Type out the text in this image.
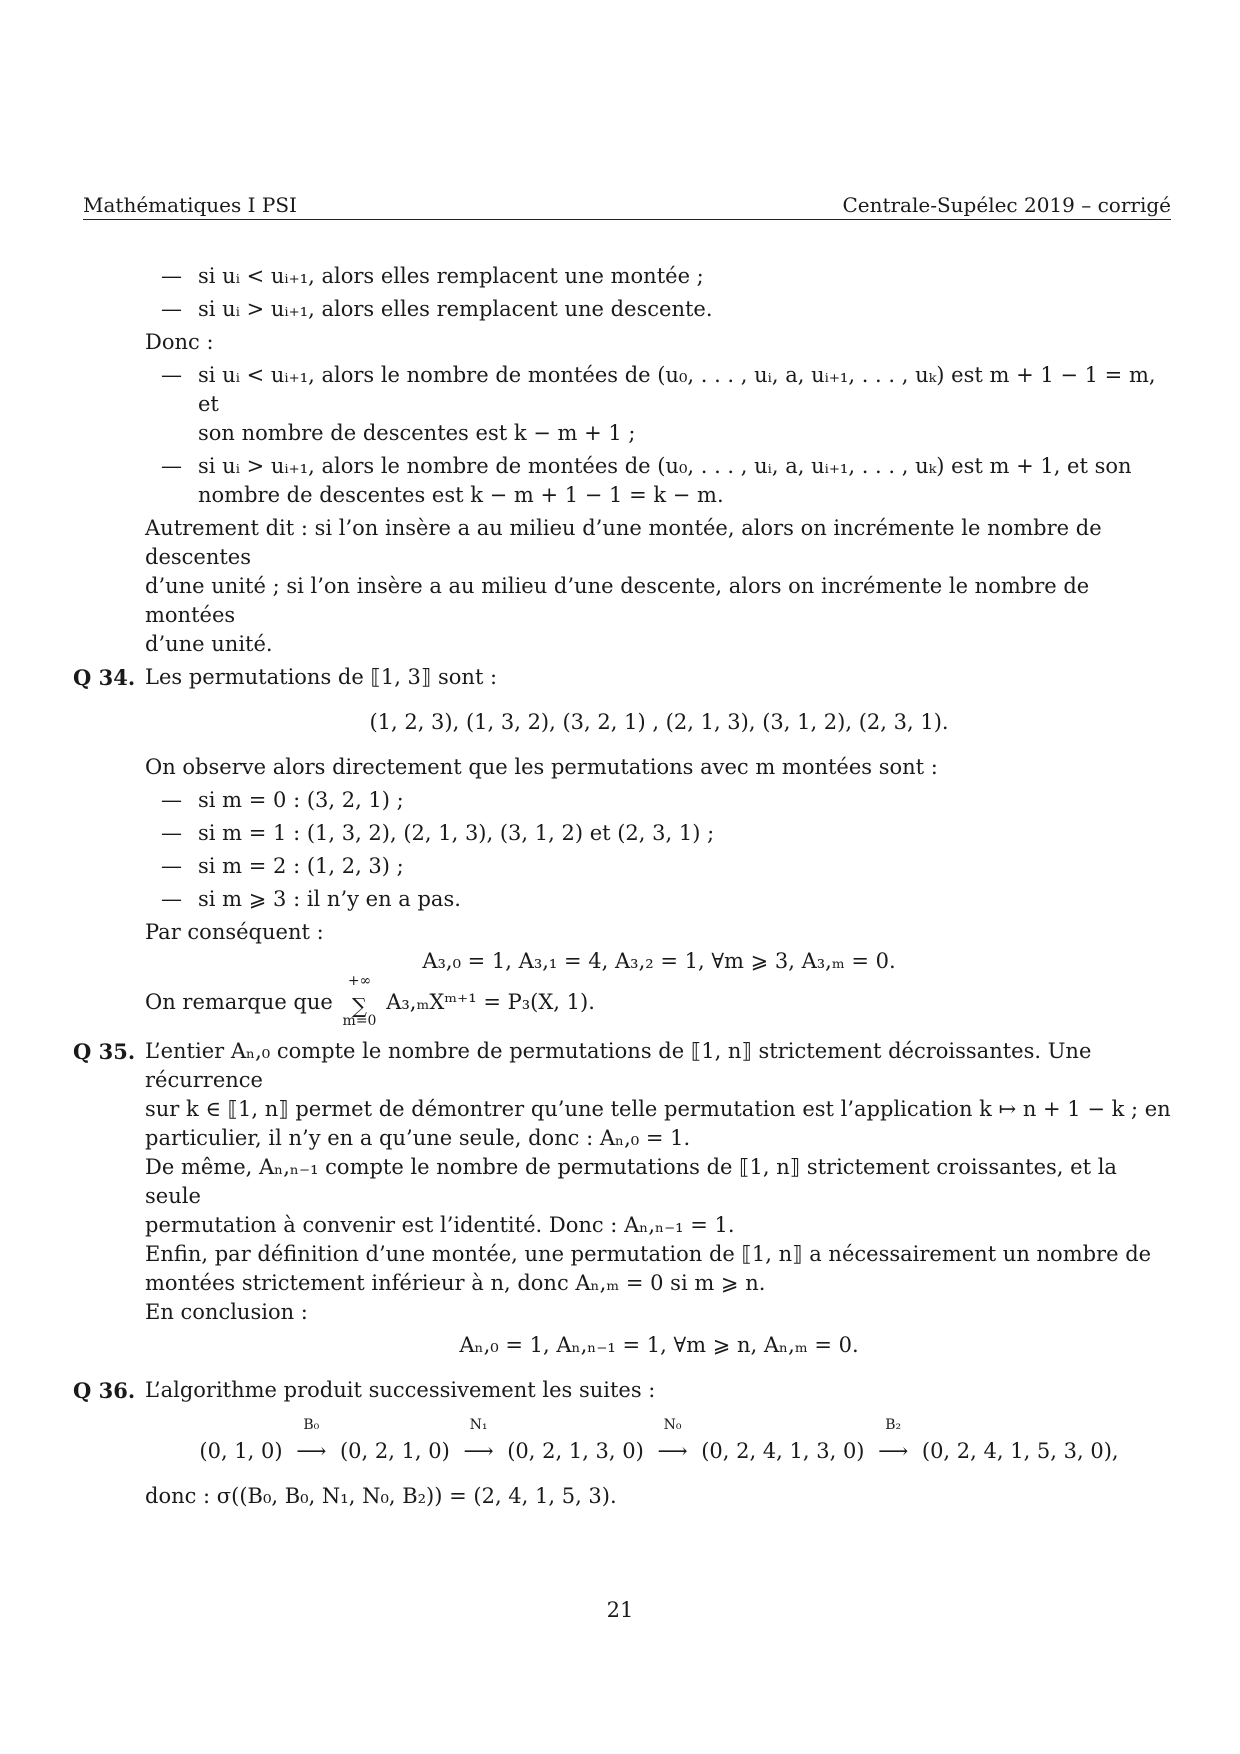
Mathématiques I PSI	Centrale-Supélec 2019 – corrigé
— si uᵢ < uᵢ₊₁, alors elles remplacent une montée ;
— si uᵢ > uᵢ₊₁, alors elles remplacent une descente.
Donc :
— si uᵢ < uᵢ₊₁, alors le nombre de montées de (u₀, . . . , uᵢ, a, uᵢ₊₁, . . . , uₖ) est m + 1 − 1 = m, et
son nombre de descentes est k − m + 1 ;
— si uᵢ > uᵢ₊₁, alors le nombre de montées de (u₀, . . . , uᵢ, a, uᵢ₊₁, . . . , uₖ) est m + 1, et son
nombre de descentes est k − m + 1 − 1 = k − m.
Autrement dit : si l’on insère a au milieu d’une montée, alors on incrémente le nombre de descentes
d’une unité ; si l’on insère a au milieu d’une descente, alors on incrémente le nombre de montées
d’une unité.
Q 34. Les permutations de ⟦1, 3⟧ sont :
(1, 2, 3), (1, 3, 2), (3, 2, 1) , (2, 1, 3), (3, 1, 2), (2, 3, 1).
On observe alors directement que les permutations avec m montées sont :
— si m = 0 : (3, 2, 1) ;
— si m = 1 : (1, 3, 2), (2, 1, 3), (3, 1, 2) et (2, 3, 1) ;
— si m = 2 : (1, 2, 3) ;
— si m ⩾ 3 : il n’y en a pas.
Par conséquent :
A₃,₀ = 1, A₃,₁ = 4, A₃,₂ = 1, ∀m ⩾ 3, A₃,ₘ = 0.
On remarque que
+∞
∑
m=0
A₃,ₘXᵐ⁺¹ = P₃(X, 1).
Q 35. L’entier Aₙ,₀ compte le nombre de permutations de ⟦1, n⟧ strictement décroissantes. Une récurrence
sur k ∈ ⟦1, n⟧ permet de démontrer qu’une telle permutation est l’application k ↦ n + 1 − k ; en
particulier, il n’y en a qu’une seule, donc : Aₙ,₀ = 1.
De même, Aₙ,ₙ₋₁ compte le nombre de permutations de ⟦1, n⟧ strictement croissantes, et la seule
permutation à convenir est l’identité. Donc : Aₙ,ₙ₋₁ = 1.
Enfin, par définition d’une montée, une permutation de ⟦1, n⟧ a nécessairement un nombre de
montées strictement inférieur à n, donc Aₙ,ₘ = 0 si m ⩾ n.
En conclusion :
Aₙ,₀ = 1, Aₙ,ₙ₋₁ = 1, ∀m ⩾ n, Aₙ,ₘ = 0.
Q 36. L’algorithme produit successivement les suites :
(0, 1, 0)
B₀
⟶ (0, 2, 1, 0)
N₁
⟶ (0, 2, 1, 3, 0)
N₀
⟶ (0, 2, 4, 1, 3, 0)
B₂
⟶ (0, 2, 4, 1, 5, 3, 0),
donc : σ((B₀, B₀, N₁, N₀, B₂)) = (2, 4, 1, 5, 3).
21
